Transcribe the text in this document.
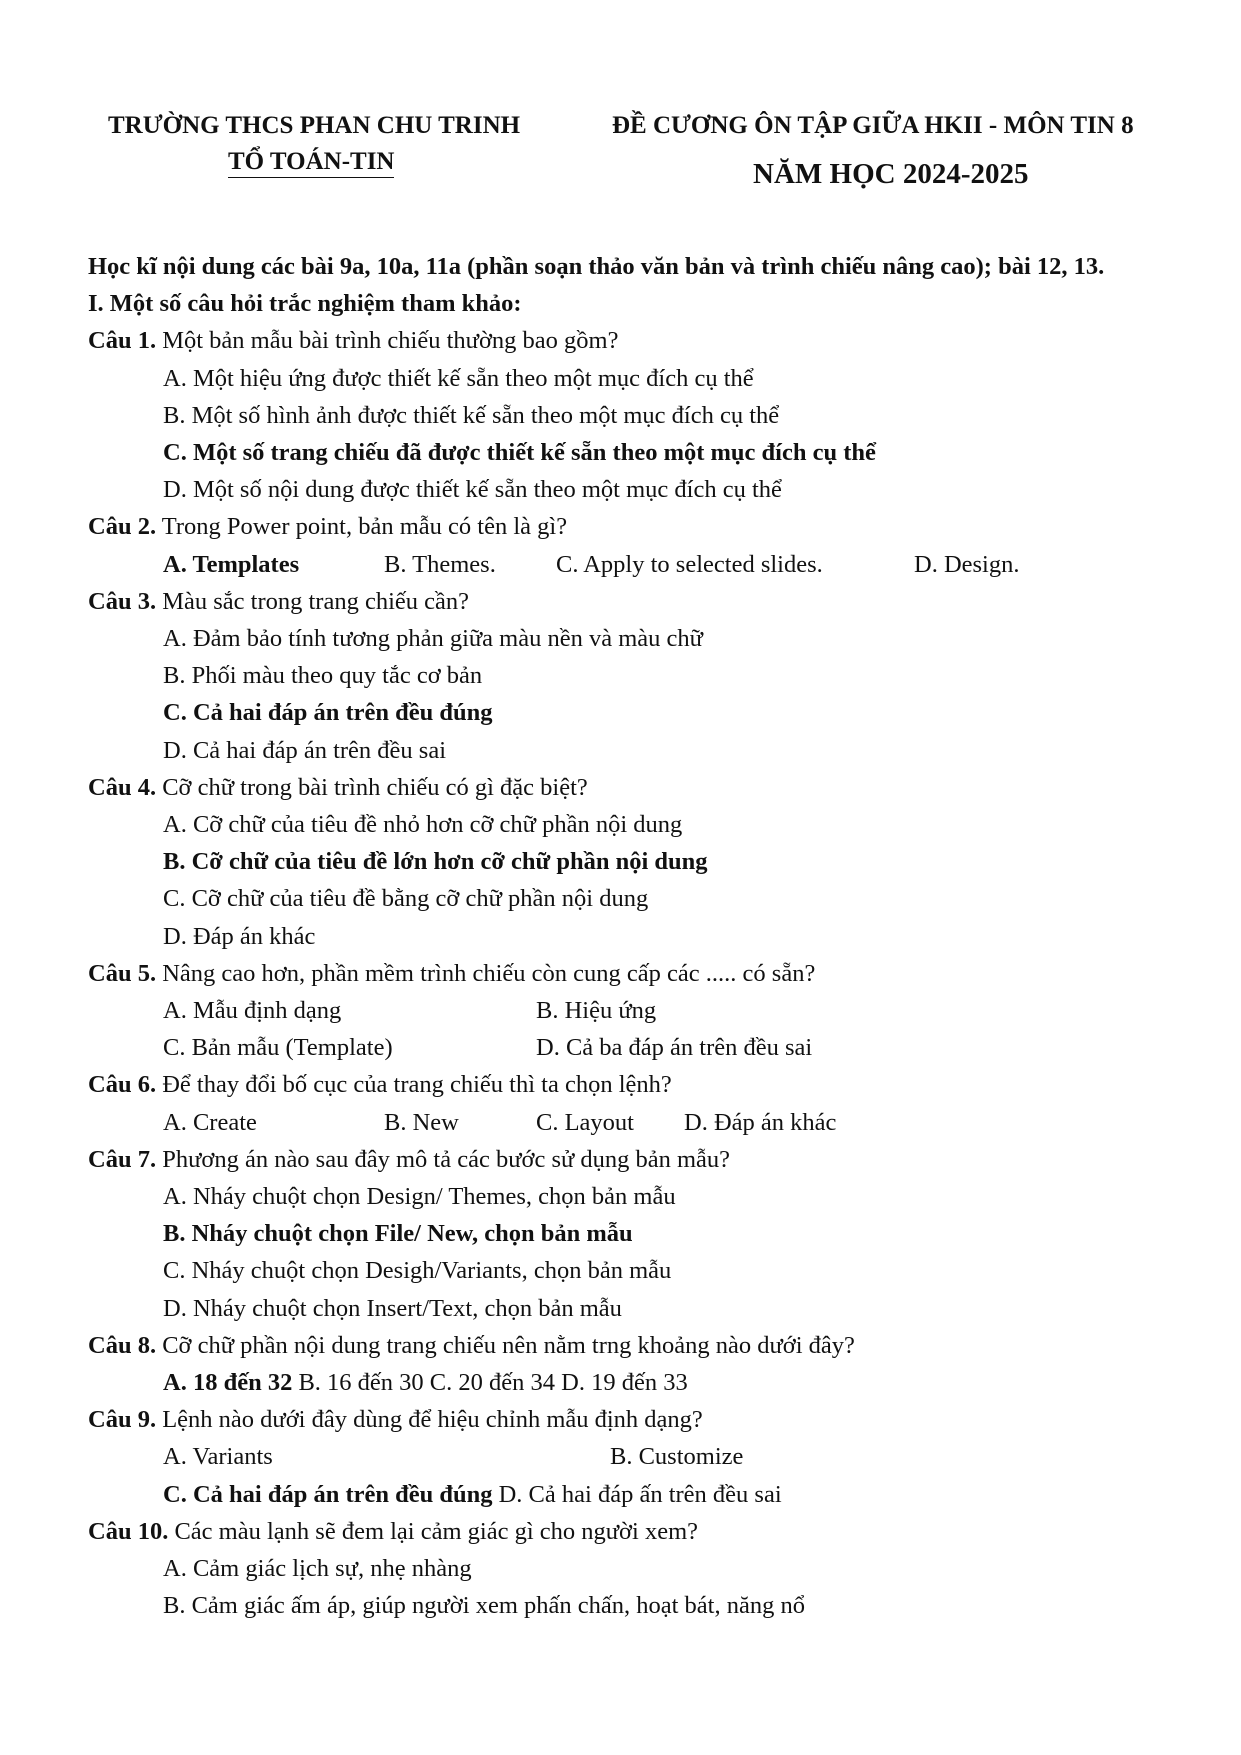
TRƯỜNG THCS PHAN CHU TRINH
TỔ TOÁN-TIN
ĐỀ CƯƠNG ÔN TẬP GIỮA HKII - MÔN TIN 8
NĂM HỌC 2024-2025
Học kĩ nội dung các bài 9a, 10a, 11a (phần soạn thảo văn bản và trình chiếu nâng cao); bài 12, 13.
I. Một số câu hỏi trắc nghiệm tham khảo:
Câu 1. Một bản mẫu bài trình chiếu thường bao gồm?
A. Một hiệu ứng được thiết kế sẵn theo một mục đích cụ thể
B. Một số hình ảnh được thiết kế sẵn theo một mục đích cụ thể
C. Một số trang chiếu đã được thiết kế sẵn theo một mục đích cụ thể
D. Một số nội dung được thiết kế sẵn theo một mục đích cụ thể
Câu 2. Trong Power point, bản mẫu có tên là gì?
A. Templates	B. Themes. C. Apply to selected slides.	D. Design.
Câu 3. Màu sắc trong trang chiếu cần?
A. Đảm bảo tính tương phản giữa màu nền và màu chữ
B. Phối màu theo quy tắc cơ bản
C. Cả hai đáp án trên đều đúng
D. Cả hai đáp án trên đều sai
Câu 4. Cỡ chữ trong bài trình chiếu có gì đặc biệt?
A. Cỡ chữ của tiêu đề nhỏ hơn cỡ chữ phần nội dung
B. Cỡ chữ của tiêu đề lớn hơn cỡ chữ phần nội dung
C. Cỡ chữ của tiêu đề bằng cỡ chữ phần nội dung
D. Đáp án khác
Câu 5. Nâng cao hơn, phần mềm trình chiếu còn cung cấp các ..... có sẵn?
A. Mẫu định dạng	B. Hiệu ứng
C. Bản mẫu (Template)	D. Cả ba đáp án trên đều sai
Câu 6. Để thay đổi bố cục của trang chiếu thì ta chọn lệnh?
A. Create	B. New	C. Layout D. Đáp án khác
Câu 7. Phương án nào sau đây mô tả các bước sử dụng bản mẫu?
A. Nháy chuột chọn Design/ Themes, chọn bản mẫu
B. Nháy chuột chọn File/ New, chọn bản mẫu
C. Nháy chuột chọn Desigh/Variants, chọn bản mẫu
D. Nháy chuột chọn Insert/Text, chọn bản mẫu
Câu 8. Cỡ chữ phần nội dung trang chiếu nên nằm trng khoảng nào dưới đây?
A. 18 đến 32 B. 16 đến 30 C. 20 đến 34 D. 19 đến 33
Câu 9. Lệnh nào dưới đây dùng để hiệu chỉnh mẫu định dạng?
A. Variants	B. Customize
C. Cả hai đáp án trên đều đúng D. Cả hai đáp ấn trên đều sai
Câu 10. Các màu lạnh sẽ đem lại cảm giác gì cho người xem?
A. Cảm giác lịch sự, nhẹ nhàng
B. Cảm giác ấm áp, giúp người xem phấn chấn, hoạt bát, năng nổ
